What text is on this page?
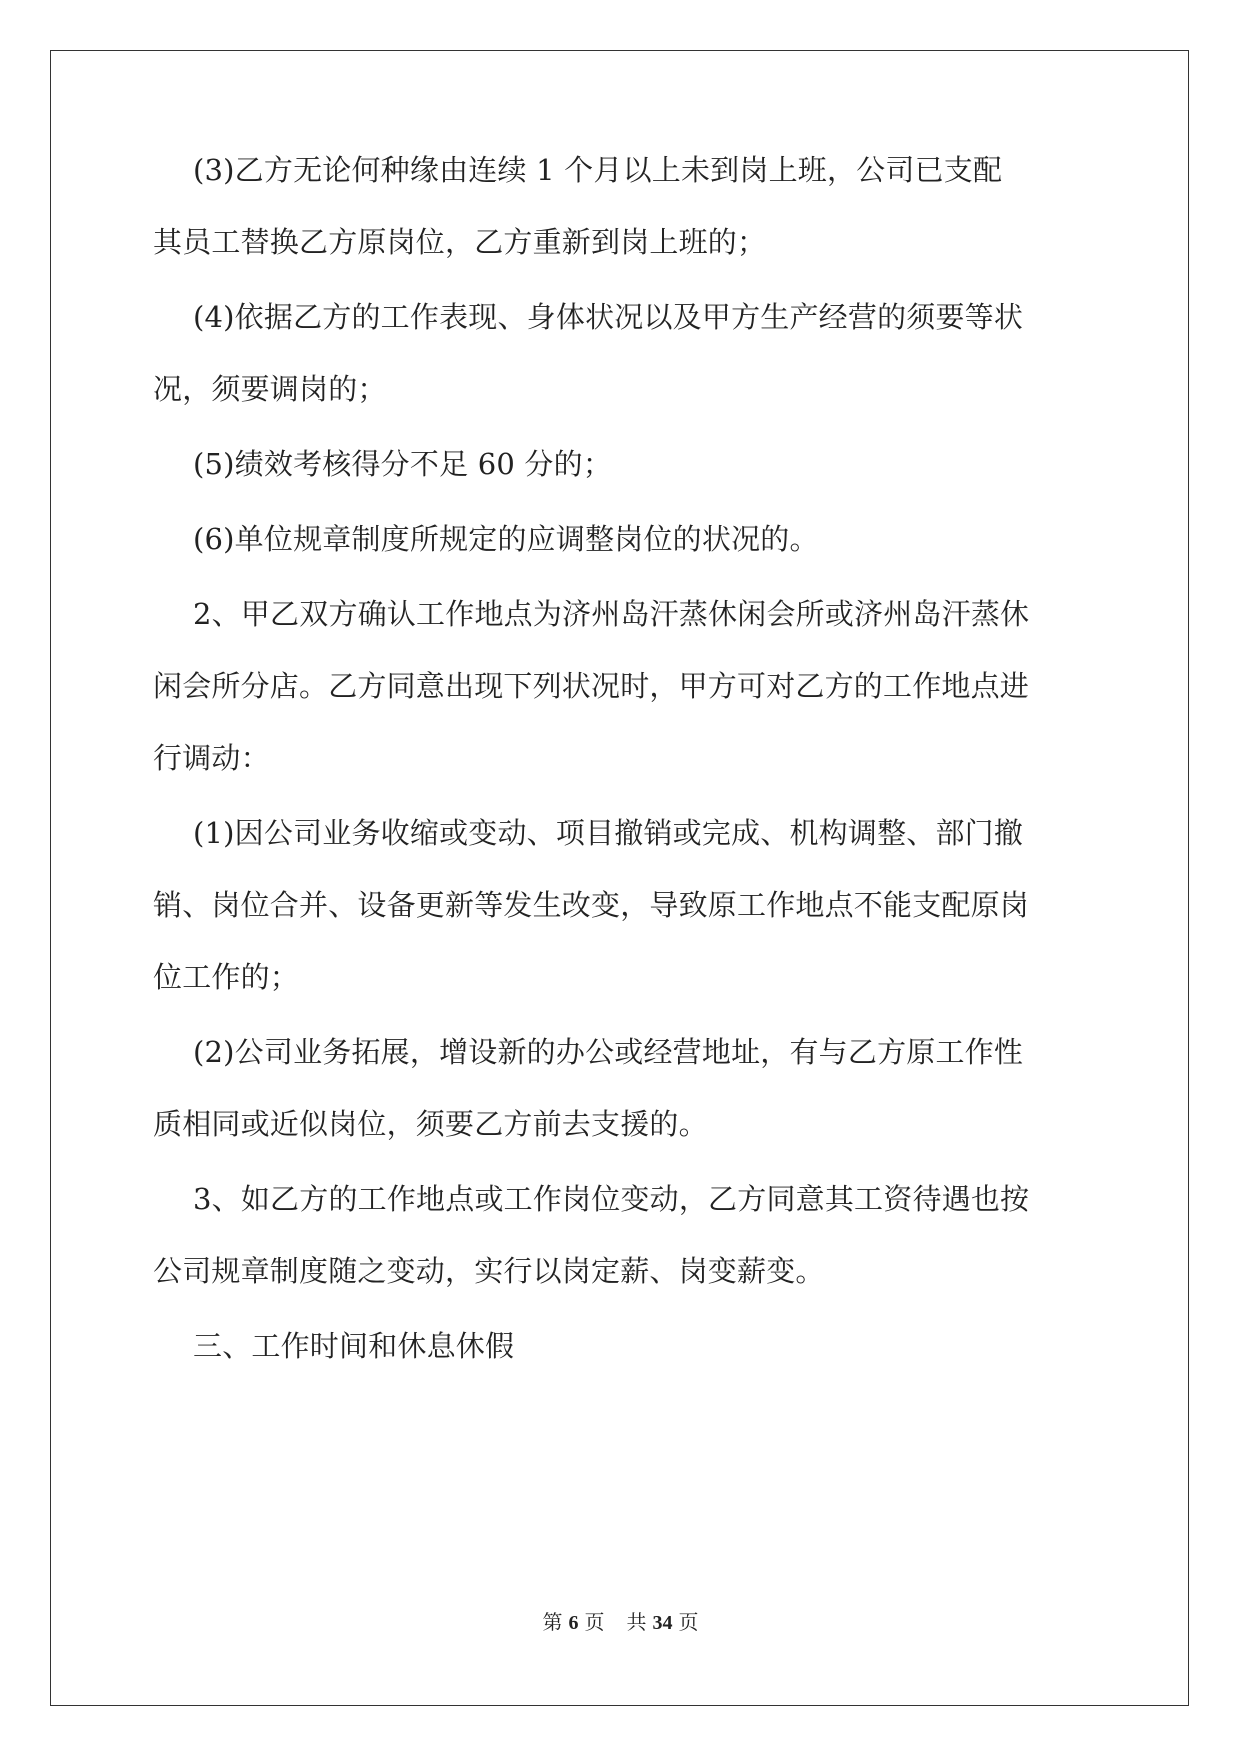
(3)乙方无论何种缘由连续 1 个月以上未到岗上班，公司已支配
其员工替换乙方原岗位，乙方重新到岗上班的；
(4)依据乙方的工作表现、身体状况以及甲方生产经营的须要等状
况，须要调岗的；
(5)绩效考核得分不足 60 分的；
(6)单位规章制度所规定的应调整岗位的状况的。
2、甲乙双方确认工作地点为济州岛汗蒸休闲会所或济州岛汗蒸休
闲会所分店。乙方同意出现下列状况时，甲方可对乙方的工作地点进
行调动：
(1)因公司业务收缩或变动、项目撤销或完成、机构调整、部门撤
销、岗位合并、设备更新等发生改变，导致原工作地点不能支配原岗
位工作的；
(2)公司业务拓展，增设新的办公或经营地址，有与乙方原工作性
质相同或近似岗位，须要乙方前去支援的。
3、如乙方的工作地点或工作岗位变动，乙方同意其工资待遇也按
公司规章制度随之变动，实行以岗定薪、岗变薪变。
三、工作时间和休息休假
第 6 页 共 34 页
